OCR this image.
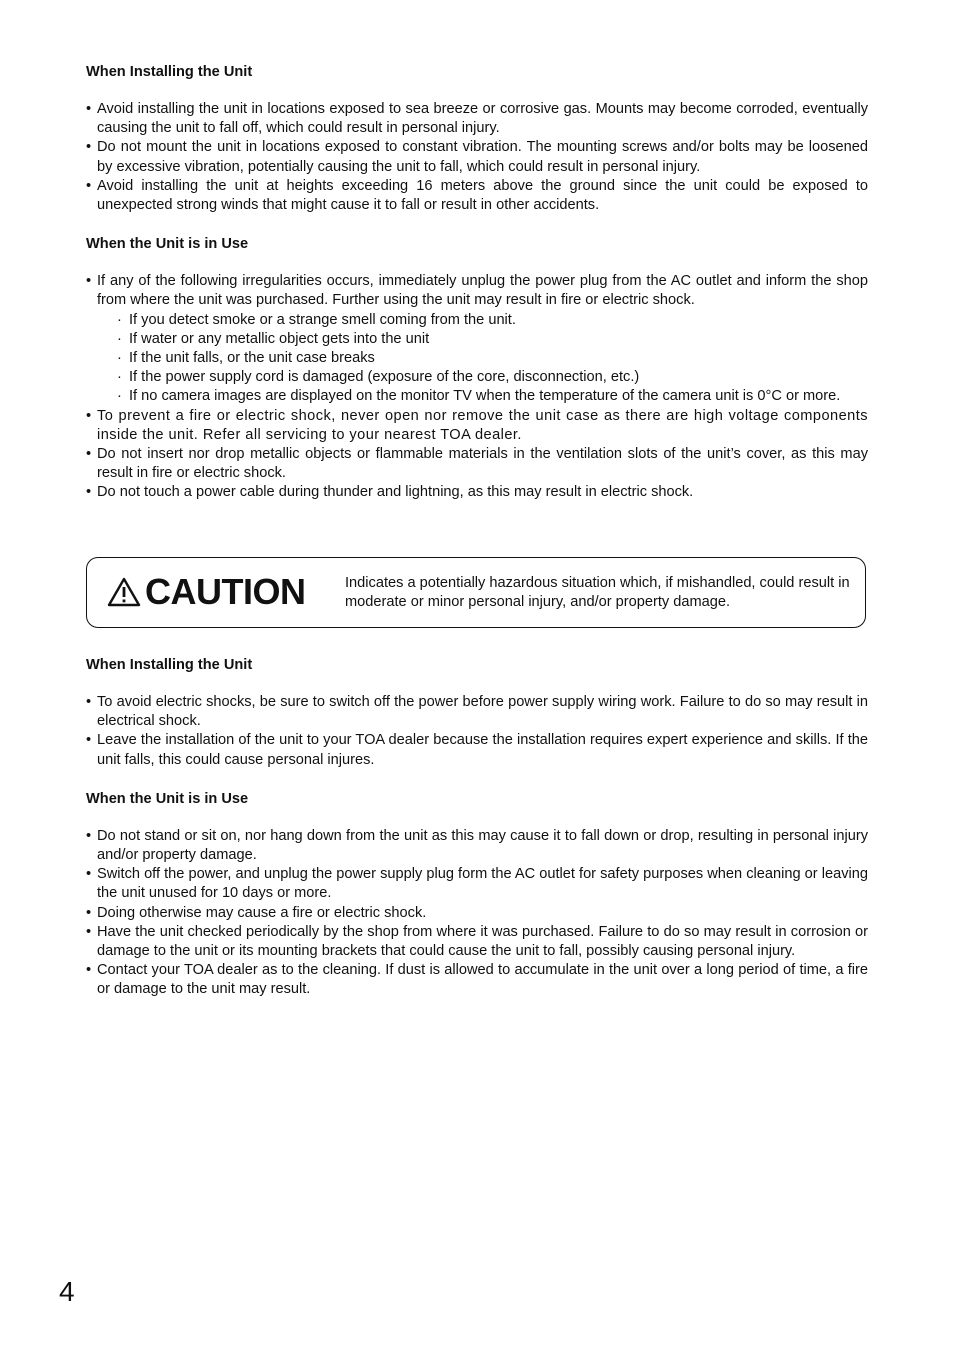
When Installing the Unit

• Avoid installing the unit in locations exposed to sea breeze or corrosive gas. Mounts may become corroded, eventually causing the unit to fall off, which could result in personal injury.
• Do not mount the unit in locations exposed to constant vibration. The mounting screws and/or bolts may be loosened by excessive vibration, potentially causing the unit to fall, which could result in personal injury.
• Avoid installing the unit at heights exceeding 16 meters above the ground since the unit could be exposed to unexpected strong winds that might cause it to fall or result in other accidents.

When the Unit is in Use

• If any of the following irregularities occurs, immediately unplug the power plug from the AC outlet and inform the shop from where the unit was purchased. Further using the unit may result in fire or electric shock.
· If you detect smoke or a strange smell coming from the unit.
· If water or any metallic object gets into the unit
· If the unit falls, or the unit case breaks
· If the power supply cord is damaged (exposure of the core, disconnection, etc.)
· If no camera images are displayed on the monitor TV when the temperature of the camera unit is 0°C or more.
• To prevent a fire or electric shock, never open nor remove the unit case as there are high voltage components inside the unit. Refer all servicing to your nearest TOA dealer.
• Do not insert nor drop metallic objects or flammable materials in the ventilation slots of the unit’s cover, as this may result in fire or electric shock.
• Do not touch a power cable during thunder and lightning, as this may result in electric shock.
CAUTION	Indicates a potentially hazardous situation which, if mishandled, could result in moderate or minor personal injury, and/or property damage.

When Installing the Unit

• To avoid electric shocks, be sure to switch off the power before power supply wiring work. Failure to do so may result in electrical shock.
• Leave the installation of the unit to your TOA dealer because the installation requires expert experience and skills. If the unit falls, this could cause personal injures.

When the Unit is in Use

• Do not stand or sit on, nor hang down from the unit as this may cause it to fall down or drop, resulting in personal injury and/or property damage.
• Switch off the power, and unplug the power supply plug form the AC outlet for safety purposes when cleaning or leaving the unit unused for 10 days or more.
• Doing otherwise may cause a fire or electric shock.
• Have the unit checked periodically by the shop from where it was purchased. Failure to do so may result in corrosion or damage to the unit or its mounting brackets that could cause the unit to fall, possibly causing personal injury.
• Contact your TOA dealer as to the cleaning. If dust is allowed to accumulate in the unit over a long period of time, a fire or damage to the unit may result.
4
